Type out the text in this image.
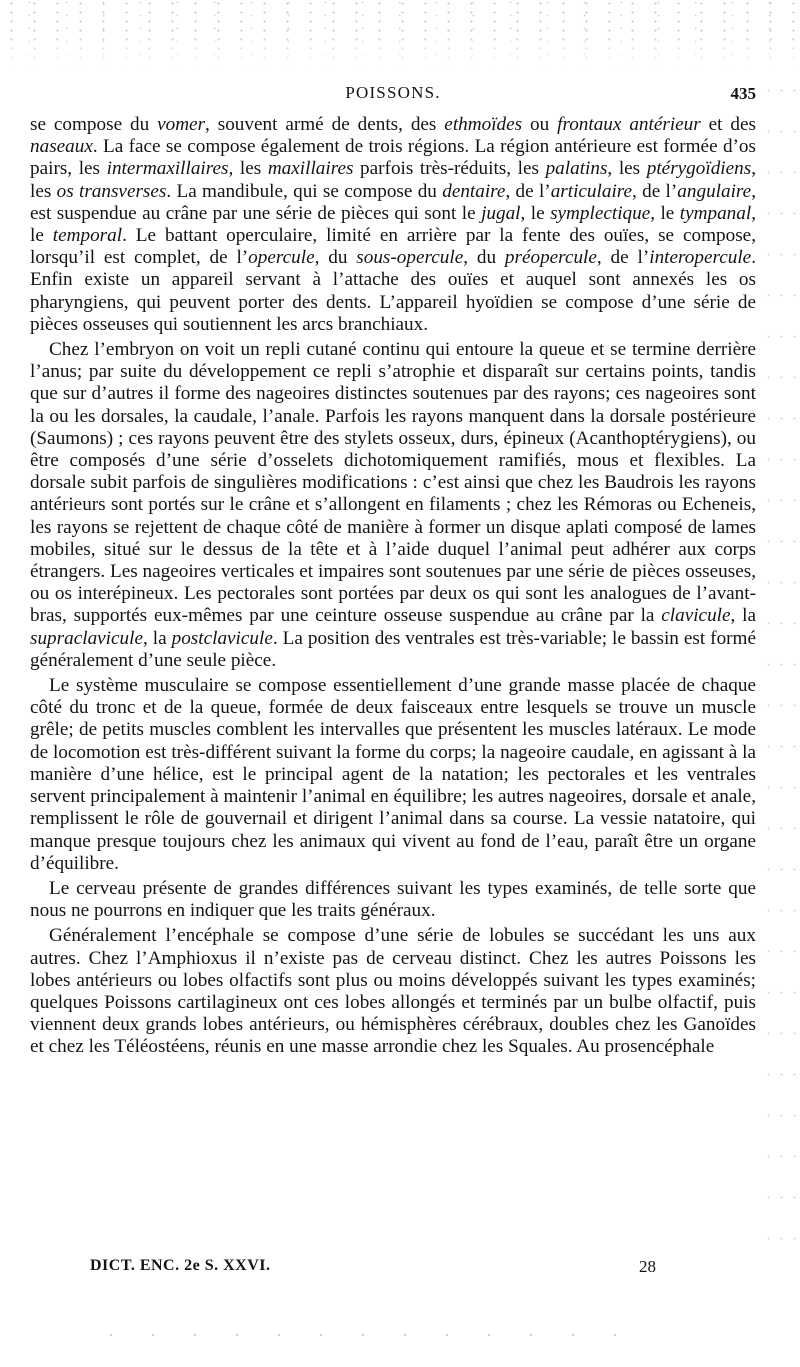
POISSONS.	435

se compose du vomer, souvent armé de dents, des ethmoïdes ou frontaux antérieur et des naseaux. La face se compose également de trois régions. La région antérieure est formée d’os pairs, les intermaxillaires, les maxillaires parfois très-réduits, les palatins, les ptérygoïdiens, les os transverses. La mandibule, qui se compose du dentaire, de l’articulaire, de l’angulaire, est suspendue au crâne par une série de pièces qui sont le jugal, le symplectique, le tympanal, le temporal. Le battant operculaire, limité en arrière par la fente des ouïes, se compose, lorsqu’il est complet, de l’opercule, du sous-opercule, du préopercule, de l’interopercule. Enfin existe un appareil servant à l’attache des ouïes et auquel sont annexés les os pharyngiens, qui peuvent porter des dents. L’appareil hyoïdien se compose d’une série de pièces osseuses qui soutiennent les arcs branchiaux.

Chez l’embryon on voit un repli cutané continu qui entoure la queue et se termine derrière l’anus; par suite du développement ce repli s’atrophie et disparaît sur certains points, tandis que sur d’autres il forme des nageoires distinctes soutenues par des rayons; ces nageoires sont la ou les dorsales, la caudale, l’anale. Parfois les rayons manquent dans la dorsale postérieure (Saumons) ; ces rayons peuvent être des stylets osseux, durs, épineux (Acanthoptérygiens), ou être composés d’une série d’osselets dichotomiquement ramifiés, mous et flexibles. La dorsale subit parfois de singulières modifications : c’est ainsi que chez les Baudrois les rayons antérieurs sont portés sur le crâne et s’allongent en filaments ; chez les Rémoras ou Echeneis, les rayons se rejettent de chaque côté de manière à former un disque aplati composé de lames mobiles, situé sur le dessus de la tête et à l’aide duquel l’animal peut adhérer aux corps étrangers. Les nageoires verticales et impaires sont soutenues par une série de pièces osseuses, ou os interépineux. Les pectorales sont portées par deux os qui sont les analogues de l’avant-bras, supportés eux-mêmes par une ceinture osseuse suspendue au crâne par la clavicule, la supraclavicule, la postclavicule. La position des ventrales est très-variable; le bassin est formé généralement d’une seule pièce.

Le système musculaire se compose essentiellement d’une grande masse placée de chaque côté du tronc et de la queue, formée de deux faisceaux entre lesquels se trouve un muscle grêle; de petits muscles comblent les intervalles que présentent les muscles latéraux. Le mode de locomotion est très-différent suivant la forme du corps; la nageoire caudale, en agissant à la manière d’une hélice, est le principal agent de la natation; les pectorales et les ventrales servent principalement à maintenir l’animal en équilibre; les autres nageoires, dorsale et anale, remplissent le rôle de gouvernail et dirigent l’animal dans sa course. La vessie natatoire, qui manque presque toujours chez les animaux qui vivent au fond de l’eau, paraît être un organe d’équilibre.

Le cerveau présente de grandes différences suivant les types examinés, de telle sorte que nous ne pourrons en indiquer que les traits généraux.

Généralement l’encéphale se compose d’une série de lobules se succédant les uns aux autres. Chez l’Amphioxus il n’existe pas de cerveau distinct. Chez les autres Poissons les lobes antérieurs ou lobes olfactifs sont plus ou moins développés suivant les types examinés; quelques Poissons cartilagineux ont ces lobes allongés et terminés par un bulbe olfactif, puis viennent deux grands lobes antérieurs, ou hémisphères cérébraux, doubles chez les Ganoïdes et chez les Téléostéens, réunis en une masse arrondie chez les Squales. Au prosencéphale

DICT. ENC. 2e S. XXVI.	28
